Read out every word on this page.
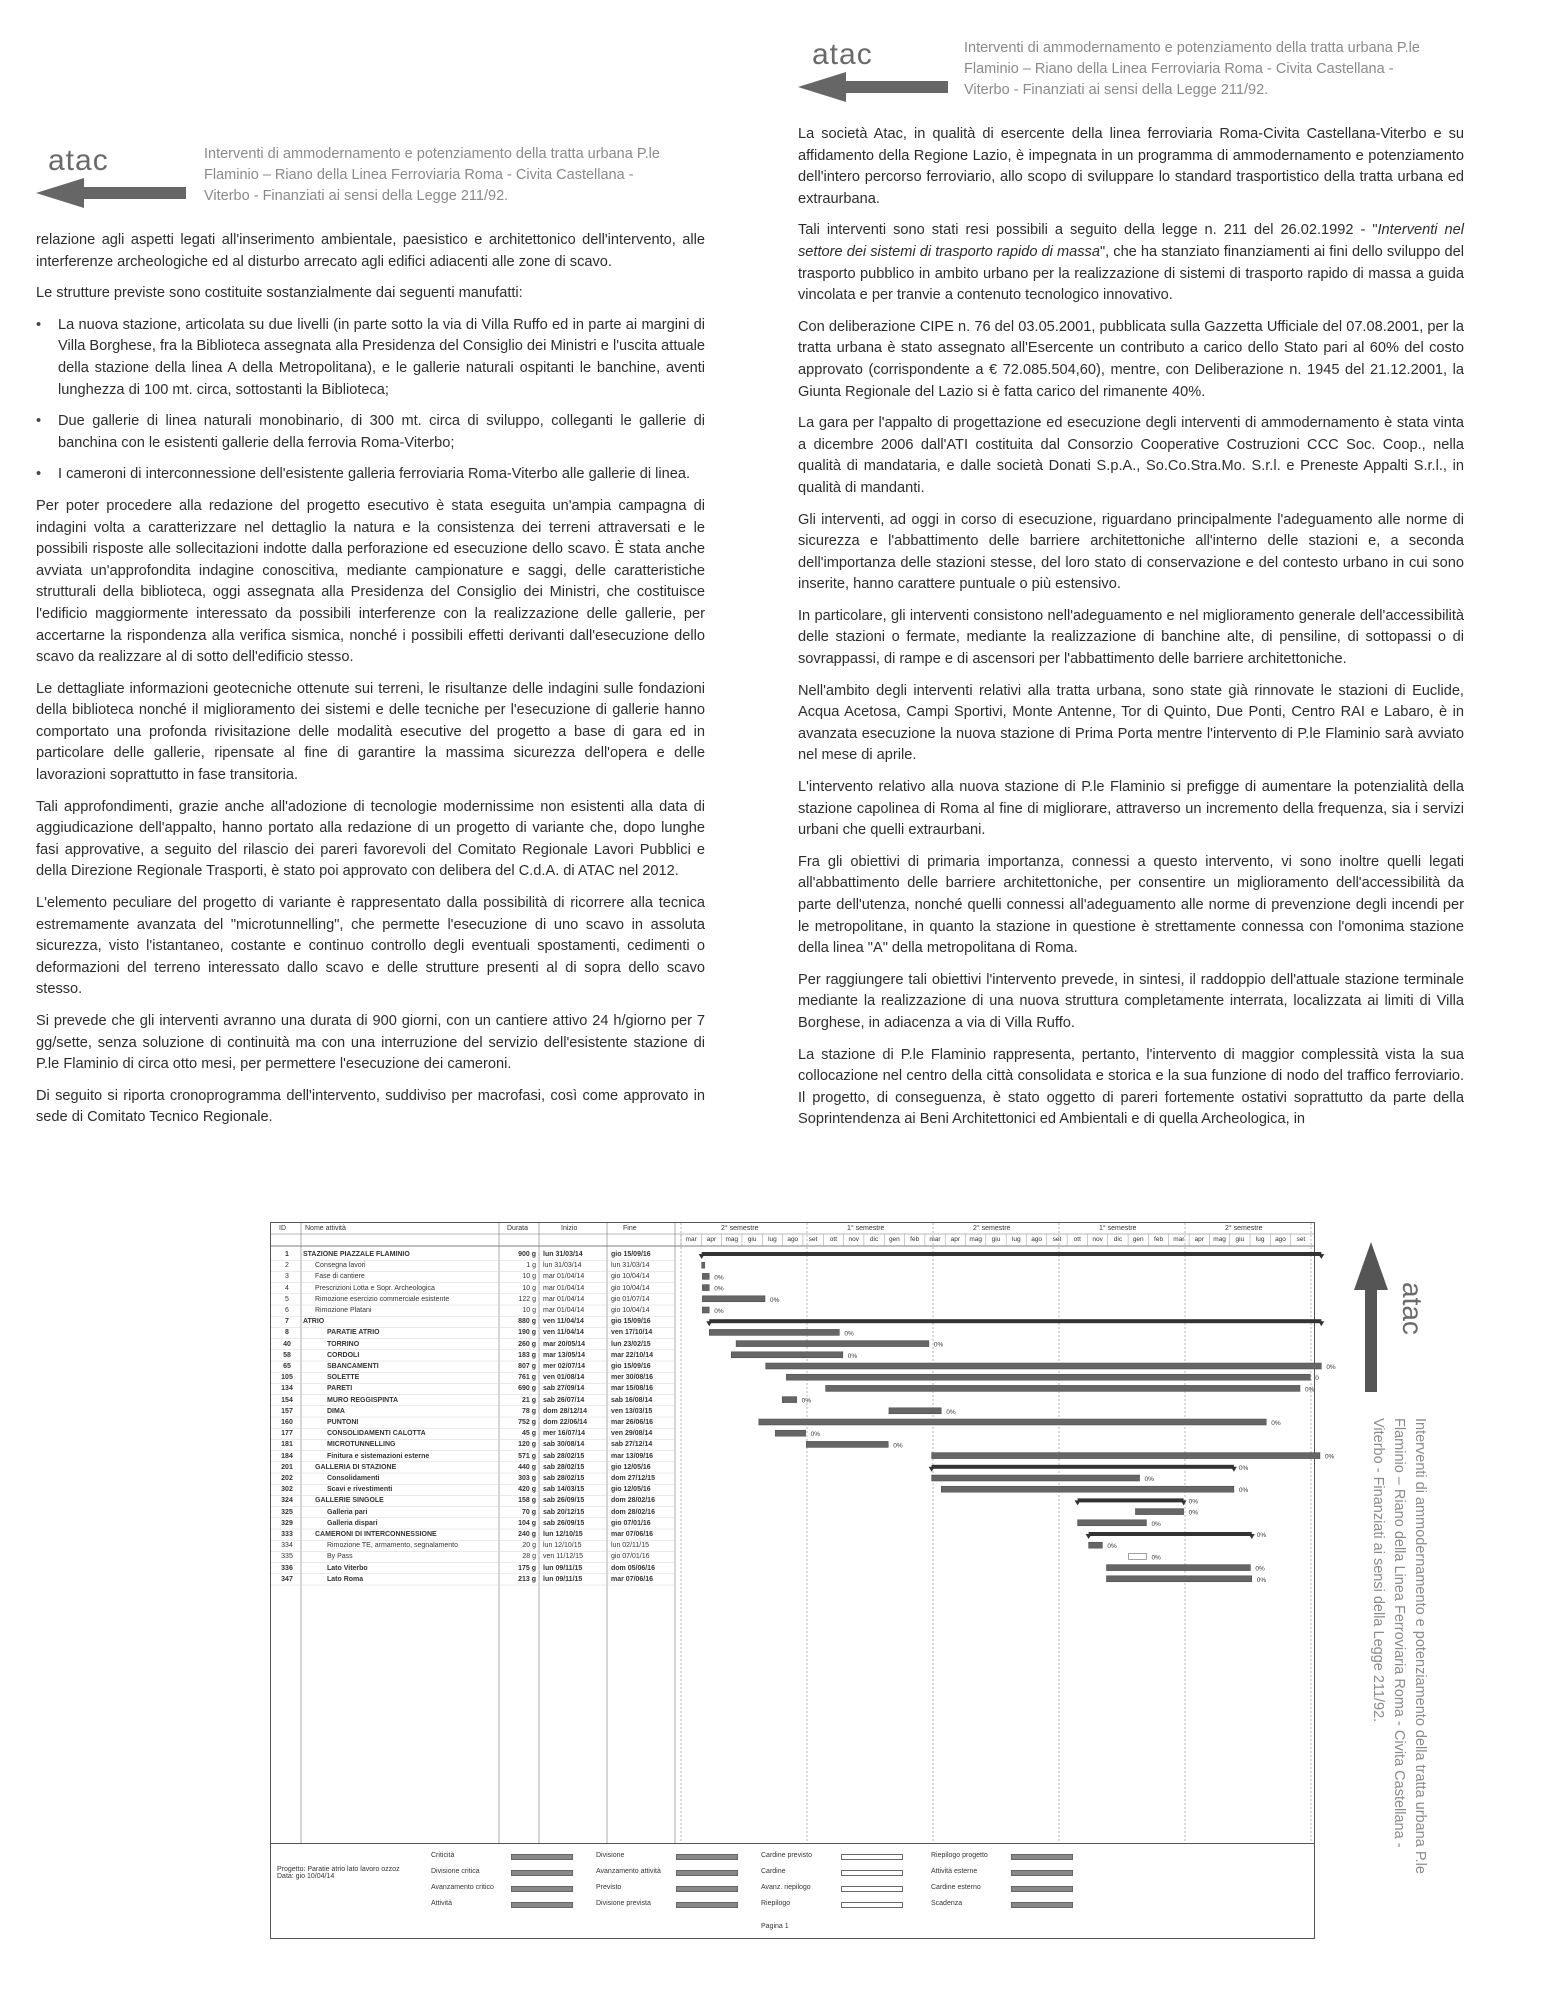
atac	Interventi di ammodernamento e potenziamento della tratta urbana P.le
Flaminio – Riano della Linea Ferroviaria Roma - Civita Castellana -
Viterbo - Finanziati ai sensi della Legge 211/92.
atac	Interventi di ammodernamento e potenziamento della tratta urbana P.le
Flaminio – Riano della Linea Ferroviaria Roma - Civita Castellana -
Viterbo - Finanziati ai sensi della Legge 211/92.

relazione agli aspetti legati all'inserimento ambientale, paesistico e architettonico dell'intervento, alle interferenze archeologiche ed al disturbo arrecato agli edifici adiacenti alle zone di scavo.

Le strutture previste sono costituite sostanzialmente dai seguenti manufatti:

• La nuova stazione, articolata su due livelli (in parte sotto la via di Villa Ruffo ed in parte ai margini di Villa Borghese, fra la Biblioteca assegnata alla Presidenza del Consiglio dei Ministri e l'uscita attuale della stazione della linea A della Metropolitana), e le gallerie naturali ospitanti le banchine, aventi lunghezza di 100 mt. circa, sottostanti la Biblioteca;

• Due gallerie di linea naturali monobinario, di 300 mt. circa di sviluppo, colleganti le gallerie di banchina con le esistenti gallerie della ferrovia Roma-Viterbo;

• I cameroni di interconnessione dell'esistente galleria ferroviaria Roma-Viterbo alle gallerie di linea.

Per poter procedere alla redazione del progetto esecutivo è stata eseguita un'ampia campagna di indagini volta a caratterizzare nel dettaglio la natura e la consistenza dei terreni attraversati e le possibili risposte alle sollecitazioni indotte dalla perforazione ed esecuzione dello scavo. È stata anche avviata un'approfondita indagine conoscitiva, mediante campionature e saggi, delle caratteristiche strutturali della biblioteca, oggi assegnata alla Presidenza del Consiglio dei Ministri, che costituisce l'edificio maggiormente interessato da possibili interferenze con la realizzazione delle gallerie, per accertarne la rispondenza alla verifica sismica, nonché i possibili effetti derivanti dall'esecuzione dello scavo da realizzare al di sotto dell'edificio stesso.

Le dettagliate informazioni geotecniche ottenute sui terreni, le risultanze delle indagini sulle fondazioni della biblioteca nonché il miglioramento dei sistemi e delle tecniche per l'esecuzione di gallerie hanno comportato una profonda rivisitazione delle modalità esecutive del progetto a base di gara ed in particolare delle gallerie, ripensate al fine di garantire la massima sicurezza dell'opera e delle lavorazioni soprattutto in fase transitoria.

Tali approfondimenti, grazie anche all'adozione di tecnologie modernissime non esistenti alla data di aggiudicazione dell'appalto, hanno portato alla redazione di un progetto di variante che, dopo lunghe fasi approvative, a seguito del rilascio dei pareri favorevoli del Comitato Regionale Lavori Pubblici e della Direzione Regionale Trasporti, è stato poi approvato con delibera del C.d.A. di ATAC nel 2012.

L'elemento peculiare del progetto di variante è rappresentato dalla possibilità di ricorrere alla tecnica estremamente avanzata del "microtunnelling", che permette l'esecuzione di uno scavo in assoluta sicurezza, visto l'istantaneo, costante e continuo controllo degli eventuali spostamenti, cedimenti o deformazioni del terreno interessato dallo scavo e delle strutture presenti al di sopra dello scavo stesso.

Si prevede che gli interventi avranno una durata di 900 giorni, con un cantiere attivo 24 h/giorno per 7 gg/sette, senza soluzione di continuità ma con una interruzione del servizio dell'esistente stazione di P.le Flaminio di circa otto mesi, per permettere l'esecuzione dei cameroni.

Di seguito si riporta cronoprogramma dell'intervento, suddiviso per macrofasi, così come approvato in sede di Comitato Tecnico Regionale.

La società Atac, in qualità di esercente della linea ferroviaria Roma-Civita Castellana-Viterbo e su affidamento della Regione Lazio, è impegnata in un programma di ammodernamento e potenziamento dell'intero percorso ferroviario, allo scopo di sviluppare lo standard trasportistico della tratta urbana ed extraurbana.

Tali interventi sono stati resi possibili a seguito della legge n. 211 del 26.02.1992 - "Interventi nel settore dei sistemi di trasporto rapido di massa", che ha stanziato finanziamenti ai fini dello sviluppo del trasporto pubblico in ambito urbano per la realizzazione di sistemi di trasporto rapido di massa a guida vincolata e per tranvie a contenuto tecnologico innovativo.

Con deliberazione CIPE n. 76 del 03.05.2001, pubblicata sulla Gazzetta Ufficiale del 07.08.2001, per la tratta urbana è stato assegnato all'Esercente un contributo a carico dello Stato pari al 60% del costo approvato (corrispondente a € 72.085.504,60), mentre, con Deliberazione n. 1945 del 21.12.2001, la Giunta Regionale del Lazio si è fatta carico del rimanente 40%.

La gara per l'appalto di progettazione ed esecuzione degli interventi di ammodernamento è stata vinta a dicembre 2006 dall'ATI costituita dal Consorzio Cooperative Costruzioni CCC Soc. Coop., nella qualità di mandataria, e dalle società Donati S.p.A., So.Co.Stra.Mo. S.r.l. e Preneste Appalti S.r.l., in qualità di mandanti.

Gli interventi, ad oggi in corso di esecuzione, riguardano principalmente l'adeguamento alle norme di sicurezza e l'abbattimento delle barriere architettoniche all'interno delle stazioni e, a seconda dell'importanza delle stazioni stesse, del loro stato di conservazione e del contesto urbano in cui sono inserite, hanno carattere puntuale o più estensivo.

In particolare, gli interventi consistono nell'adeguamento e nel miglioramento generale dell'accessibilità delle stazioni o fermate, mediante la realizzazione di banchine alte, di pensiline, di sottopassi o di sovrappassi, di rampe e di ascensori per l'abbattimento delle barriere architettoniche.

Nell'ambito degli interventi relativi alla tratta urbana, sono state già rinnovate le stazioni di Euclide, Acqua Acetosa, Campi Sportivi, Monte Antenne, Tor di Quinto, Due Ponti, Centro RAI e Labaro, è in avanzata esecuzione la nuova stazione di Prima Porta mentre l'intervento di P.le Flaminio sarà avviato nel mese di aprile.

L'intervento relativo alla nuova stazione di P.le Flaminio si prefigge di aumentare la potenzialità della stazione capolinea di Roma al fine di migliorare, attraverso un incremento della frequenza, sia i servizi urbani che quelli extraurbani.

Fra gli obiettivi di primaria importanza, connessi a questo intervento, vi sono inoltre quelli legati all'abbattimento delle barriere architettoniche, per consentire un miglioramento dell'accessibilità da parte dell'utenza, nonché quelli connessi all'adeguamento alle norme di prevenzione degli incendi per le metropolitane, in quanto la stazione in questione è strettamente connessa con l'omonima stazione della linea "A" della metropolitana di Roma.

Per raggiungere tali obiettivi l'intervento prevede, in sintesi, il raddoppio dell'attuale stazione terminale mediante la realizzazione di una nuova struttura completamente interrata, localizzata ai limiti di Villa Borghese, in adiacenza a via di Villa Ruffo.

La stazione di P.le Flaminio rappresenta, pertanto, l'intervento di maggior complessità vista la sua collocazione nel centro della città consolidata e storica e la sua funzione di nodo del traffico ferroviario. Il progetto, di conseguenza, è stato oggetto di pareri fortemente ostativi soprattutto da parte della Soprintendenza ai Beni Architettonici ed Ambientali e di quella Archeologica, in

ID	Nome attività	Durata	Inizio	Fine	2° semestre	1° semestre	2° semestre	1° semestre	2° semestre
mar	apr	mag	giu	lug	ago	set	ott	nov	dic	gen	feb	mar	apr	mag	giu	lug	ago	set	ott	nov	dic	gen	feb	mar	apr	mag	giu	lug	ago	set
0%
0%
0%
0%
0%
0%
0%
0%
0
0%
0%
0%
0%
0%
0%
0%
0%
0%
0%
0%
0%
0%
0%
0%
0%
0%
0%
1	STAZIONE PIAZZALE FLAMINIO	900 g lun 31/03/14	gio 15/09/16
2	Consegna lavori	1 g lun 31/03/14	lun 31/03/14
3	Fase di cantiere	10 g mar 01/04/14	gio 10/04/14
4	Prescrizioni Lotta e Sopr. Archeologica	10 g mar 01/04/14	gio 10/04/14
5	Rimozione esercizio commerciale esistente	122 g mar 01/04/14	gio 01/07/14
6	Rimozione Platani	10 g mar 01/04/14	gio 10/04/14
7	ATRIO	880 g ven 11/04/14	gio 15/09/16
8	PARATIE ATRIO	190 g ven 11/04/14	ven 17/10/14
40	TORRINO	260 g mar 20/05/14	lun 23/02/15
58	CORDOLI	183 g mar 13/05/14	mar 22/10/14
65	SBANCAMENTI	807 g mer 02/07/14	gio 15/09/16
105	SOLETTE	761 g ven 01/08/14	mer 30/08/16
134	PARETI	690 g sab 27/09/14	mar 15/08/16
154	MURO REGGISPINTA	21 g sab 26/07/14	sab 16/08/14
157	DIMA	78 g dom 28/12/14	ven 13/03/15
160	PUNTONI	752 g dom 22/06/14	mar 26/06/16
177	CONSOLIDAMENTI CALOTTA	45 g mer 16/07/14	ven 29/08/14
181	MICROTUNNELLING	120 g sab 30/08/14	sab 27/12/14
184	Finitura e sistemazioni esterne	571 g sab 28/02/15	mar 13/09/16
201	GALLERIA DI STAZIONE	440 g sab 28/02/15	gio 12/05/16
202	Consolidamenti	303 g sab 28/02/15	dom 27/12/15
302	Scavi e rivestimenti	420 g sab 14/03/15	gio 12/05/16
324	GALLERIE SINGOLE	158 g sab 26/09/15	dom 28/02/16
325	Galleria pari	70 g sab 20/12/15	dom 28/02/16
329	Galleria dispari	104 g sab 26/09/15	gio 07/01/16
333	CAMERONI DI INTERCONNESSIONE	240 g lun 12/10/15	mar 07/06/16
334	Rimozione TE, armamento, segnalamento	20 g lun 12/10/15	lun 02/11/15
335	By Pass	28 g ven 11/12/15	gio 07/01/16
336	Lato Viterbo	175 g lun 09/11/15	dom 05/06/16
347	Lato Roma	213 g lun 09/11/15	mar 07/06/16
Progetto: Paratie atrio lato lavoro ozzoz
Data: gio 10/04/14
Criticità	Divisione	Cardine previsto	Riepilogo progetto
Divisione critica	Avanzamento attività	Cardine	Attività esterne
Avanzamento critico	Previsto	Avanz. riepilogo	Cardine esterno
Attività	Divisione prevista	Riepilogo	Scadenza
Pagina 1
atac
Interventi di ammodernamento e potenziamento della tratta urbana P.le
Flaminio – Riano della Linea Ferroviaria Roma - Civita Castellana -
Viterbo - Finanziati ai sensi della Legge 211/92.
